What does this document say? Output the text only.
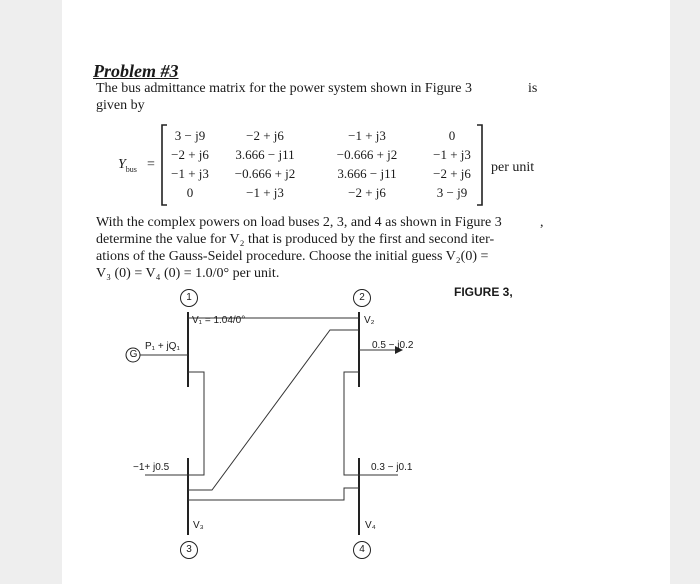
Problem #3
The bus admittance matrix for the power system shown in Figure 3	is
given by
$Y_{bus}$ =
3 − j9	−2 + j6	−1 + j3	0
−2 + j6	3.666 − j11	−0.666 + j2	−1 + j3
−1 + j3	−0.666 + j2	3.666 − j11	−2 + j6
0	−1 + j3	−2 + j6	3 − j9
per unit
With the complex powers on load buses 2, 3, and 4 as shown in Figure 3	,
determine the value for V₂ that is produced by the first and second iter-
ations of the Gauss-Seidel procedure. Choose the initial guess V₂(0) =
V₃ (0) = V₄ (0) = 1.0/0° per unit.
FIGURE 3,
1	2
3	4
V₁ = 1.04/0°	V₂
V₃	V₄
G
P₁ + jQ₁	0.5 − j0.2
−1+ j0.5	0.3 − j0.1
